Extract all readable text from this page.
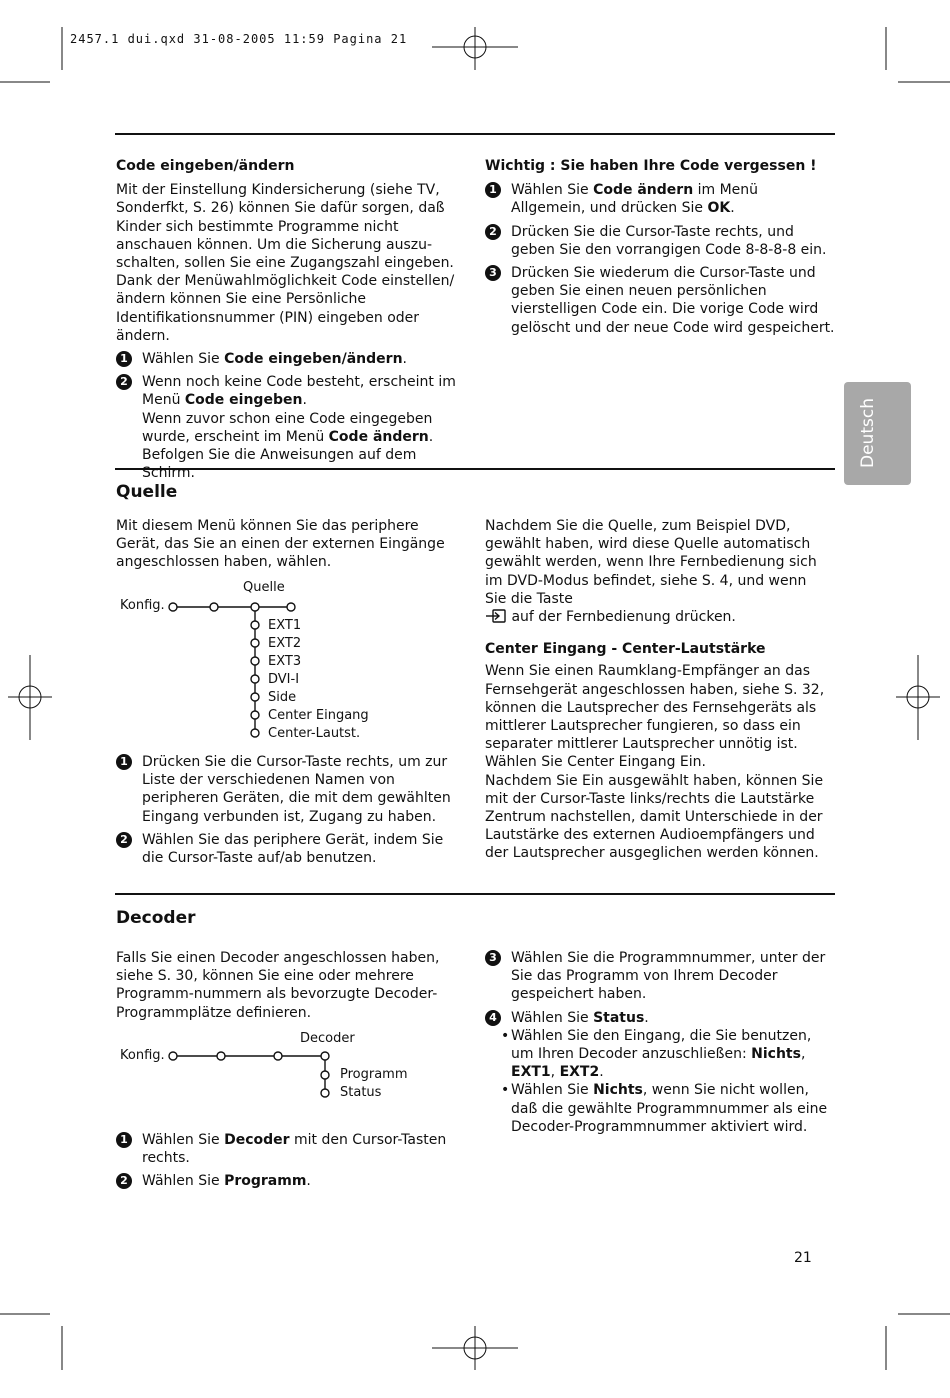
2457.1 dui.qxd 31-08-2005 11:59 Pagina 21
Deutsch
Code eingeben/ändern

Mit der Einstellung Kindersicherung (siehe TV, Sonderfkt, S. 26) können Sie dafür sorgen, daß Kinder sich bestimmte Programme nicht anschauen können. Um die Sicherung auszu-schalten, sollen Sie eine Zugangszahl eingeben. Dank der Menüwahlmöglichkeit Code einstellen/ändern können Sie eine Persönliche Identifikationsnummer (PIN) eingeben oder ändern.

1 Wählen Sie Code eingeben/ändern.
2 Wenn noch keine Code besteht, erscheint im Menü Code eingeben.
Wenn zuvor schon eine Code eingegeben wurde, erscheint im Menü Code ändern.
Befolgen Sie die Anweisungen auf dem Schirm.
Wichtig : Sie haben Ihre Code vergessen !
1 Wählen Sie Code ändern im Menü Allgemein, und drücken Sie OK.
2 Drücken Sie die Cursor-Taste rechts, und geben Sie den vorrangigen Code 8-8-8-8 ein.
3 Drücken Sie wiederum die Cursor-Taste und geben Sie einen neuen persönlichen vierstelligen Code ein. Die vorige Code wird gelöscht und der neue Code wird gespeichert.
Quelle
Mit diesem Menü können Sie das periphere Gerät, das Sie an einen der externen Eingänge angeschlossen haben, wählen.
Konfig.
Quelle
EXT1
EXT2
EXT3
DVI-I
Side
Center Eingang
Center-Lautst.
1 Drücken Sie die Cursor-Taste rechts, um zur Liste der verschiedenen Namen von peripheren Geräten, die mit dem gewählten Eingang verbunden ist, Zugang zu haben.
2 Wählen Sie das periphere Gerät, indem Sie die Cursor-Taste auf/ab benutzen.

Nachdem Sie die Quelle, zum Beispiel DVD, gewählt haben, wird diese Quelle automatisch gewählt werden, wenn Ihre Fernbedienung sich im DVD-Modus befindet, siehe S. 4, und wenn Sie die Taste
auf der Fernbedienung drücken.

Center Eingang - Center-Lautstärke

Wenn Sie einen Raumklang-Empfänger an das Fernsehgerät angeschlossen haben, siehe S. 32, können die Lautsprecher des Fernsehgeräts als mittlerer Lautsprecher fungieren, so dass ein separater mittlerer Lautsprecher unnötig ist.

Wählen Sie Center Eingang Ein.

Nachdem Sie Ein ausgewählt haben, können Sie mit der Cursor-Taste links/rechts die Lautstärke Zentrum nachstellen, damit Unterschiede in der Lautstärke des externen Audioempfängers und der Lautsprecher ausgeglichen werden können.

Decoder
Falls Sie einen Decoder angeschlossen haben, siehe S. 30, können Sie eine oder mehrere Programm-nummern als bevorzugte Decoder-Programmplätze definieren.
Konfig.
Decoder
Programm
Status
1 Wählen Sie Decoder mit den Cursor-Tasten rechts.
2 Wählen Sie Programm.
3 Wählen Sie die Programmnummer, unter der Sie das Programm von Ihrem Decoder gespeichert haben.
4 Wählen Sie Status.
• Wählen Sie den Eingang, die Sie benutzen, um Ihren Decoder anzuschließen: Nichts, EXT1, EXT2.
• Wählen Sie Nichts, wenn Sie nicht wollen, daß die gewählte Programmnummer als eine Decoder-Programmnummer aktiviert wird.
21
